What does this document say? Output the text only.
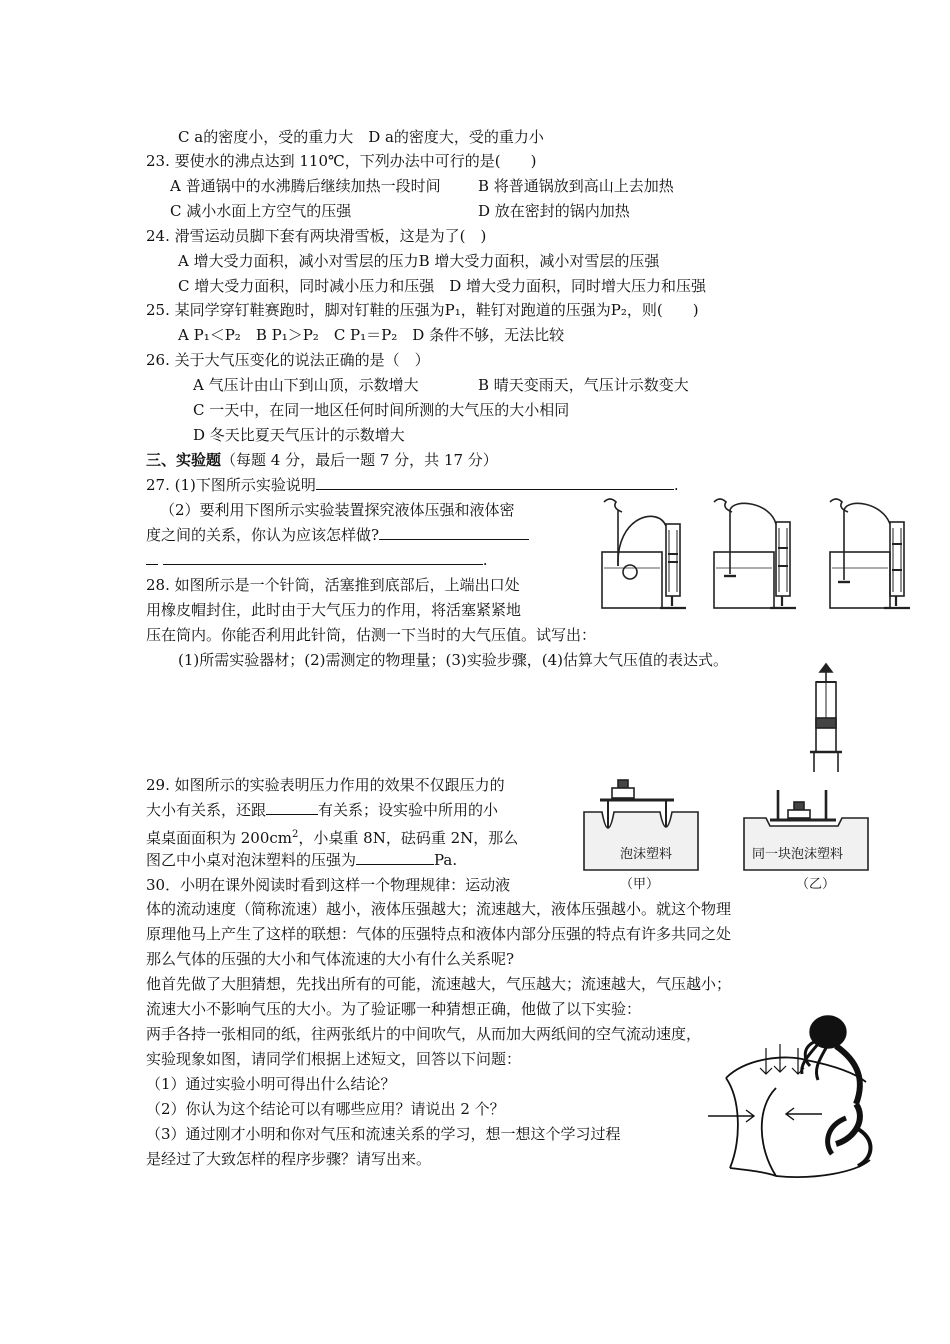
C a的密度小，受的重力大　D a的密度大，受的重力小
23. 要使水的沸点达到 110℃，下列办法中可行的是(　　)
A 普通锅中的水沸腾后继续加热一段时间 B 将普通锅放到高山上去加热
C 减小水面上方空气的压强	D 放在密封的锅内加热
24. 滑雪运动员脚下套有两块滑雪板，这是为了(　)
A 增大受力面积，减小对雪层的压力B 增大受力面积，减小对雪层的压强
C 增大受力面积，同时减小压力和压强　D 增大受力面积，同时增大压力和压强
25. 某同学穿钉鞋赛跑时，脚对钉鞋的压强为P₁，鞋钉对跑道的压强为P₂，则(　　)
A P₁＜P₂　B P₁＞P₂　C P₁＝P₂　D 条件不够，无法比较
26. 关于大气压变化的说法正确的是（　）
A 气压计由山下到山顶，示数增大	B 晴天变雨天，气压计示数变大
C 一天中，在同一地区任何时间所测的大气压的大小相同
D 冬天比夏天气压计的示数增大
三、实验题（每题 4 分，最后一题 7 分，共 17 分）
27. (1)下图所示实验说明	.
（2）要利用下图所示实验装置探究液体压强和液体密
度之间的关系，你认为应该怎样做?
.
28. 如图所示是一个针筒，活塞推到底部后，上端出口处
用橡皮帽封住，此时由于大气压力的作用，将活塞紧紧地
压在筒内。你能否利用此针筒，估测一下当时的大气压值。试写出：
(1)所需实验器材；(2)需测定的物理量；(3)实验步骤，(4)估算大气压值的表达式。
29. 如图所示的实验表明压力作用的效果不仅跟压力的
大小有关系，还跟	有关系；设实验中所用的小
桌桌面面积为 $200cm^2$，小桌重 8N，砝码重 2N，那么
图乙中小桌对泡沫塑料的压强为	Pa.
30．小明在课外阅读时看到这样一个物理规律：运动液
体的流动速度（简称流速）越小，液体压强越大；流速越大，液体压强越小。就这个物理
原理他马上产生了这样的联想：气体的压强特点和液体内部分压强的特点有许多共同之处
那么气体的压强的大小和气体流速的大小有什么关系呢?
他首先做了大胆猜想，先找出所有的可能，流速越大，气压越大；流速越大，气压越小；
流速大小不影响气压的大小。为了验证哪一种猜想正确，他做了以下实验：
两手各持一张相同的纸，往两张纸片的中间吹气，从而加大两纸间的空气流动速度，
实验现象如图，请同学们根据上述短文，回答以下问题：
（1）通过实验小明可得出什么结论？
（2）你认为这个结论可以有哪些应用？请说出 2 个？
（3）通过刚才小明和你对气压和流速关系的学习，想一想这个学习过程
是经过了大致怎样的程序步骤？请写出来。
泡沫塑料
（甲）
同一块泡沫塑料
（乙）
